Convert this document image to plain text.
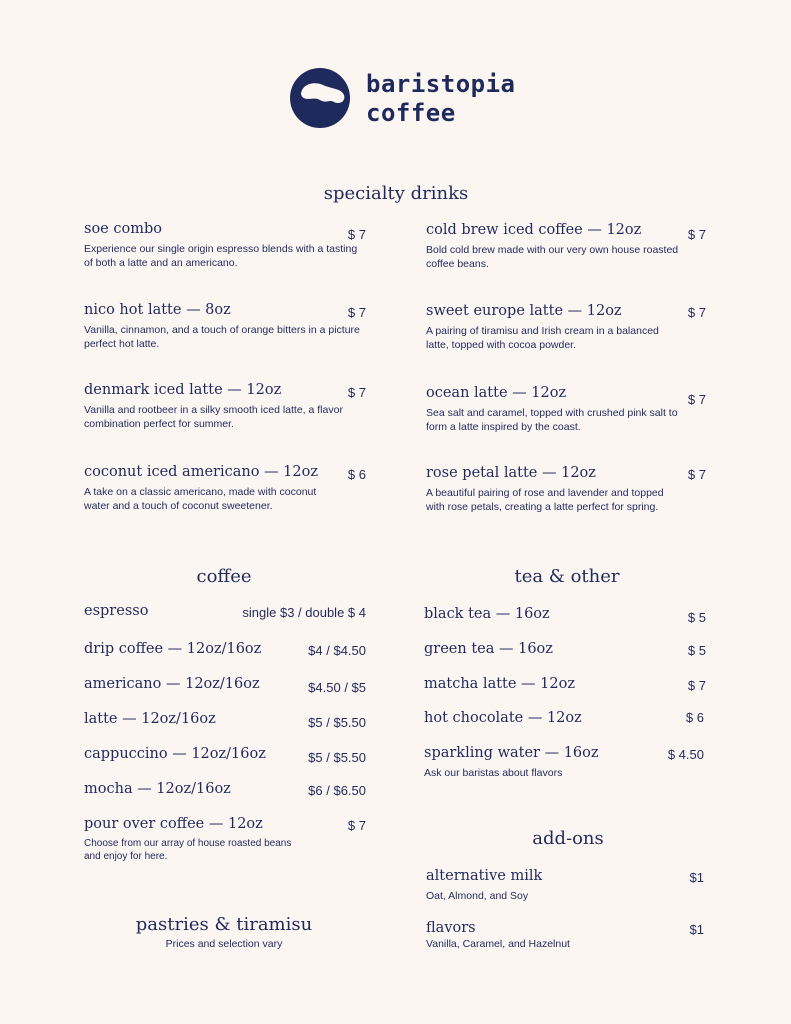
baristopia
coffee
specialty drinks
soe combo	$ 7
Experience our single origin espresso blends with a tasting of both a latte and an americano.
nico hot latte — 8oz	$ 7
Vanilla, cinnamon, and a touch of orange bitters in a picture perfect hot latte.
denmark iced latte — 12oz	$ 7
Vanilla and rootbeer in a silky smooth iced latte, a flavor combination perfect for summer.
coconut iced americano — 12oz	$ 6
A take on a classic americano, made with coconut water and a touch of coconut sweetener.
cold brew iced coffee — 12oz	$ 7
Bold cold brew made with our very own house roasted coffee beans.
sweet europe latte — 12oz	$ 7
A pairing of tiramisu and Irish cream in a balanced latte, topped with cocoa powder.
ocean latte — 12oz	$ 7
Sea salt and caramel, topped with crushed pink salt to form a latte inspired by the coast.
rose petal latte — 12oz	$ 7
A beautiful pairing of rose and lavender and topped with rose petals, creating a latte perfect for spring.
coffee
espresso	single $3 / double $ 4
drip coffee — 12oz/16oz	$4 / $4.50
americano — 12oz/16oz	$4.50 / $5
latte — 12oz/16oz	$5 / $5.50
cappuccino — 12oz/16oz	$5 / $5.50
mocha — 12oz/16oz	$6 / $6.50
pour over coffee — 12oz	$ 7
Choose from our array of house roasted beans and enjoy for here.
tea & other
black tea — 16oz	$ 5
green tea — 16oz	$ 5
matcha latte — 12oz	$ 7
hot chocolate — 12oz	$ 6
sparkling water — 16oz	$ 4.50
Ask our baristas about flavors
add-ons
alternative milk	$1
Oat, Almond, and Soy
flavors	$1
Vanilla, Caramel, and Hazelnut
pastries & tiramisu
Prices and selection vary
